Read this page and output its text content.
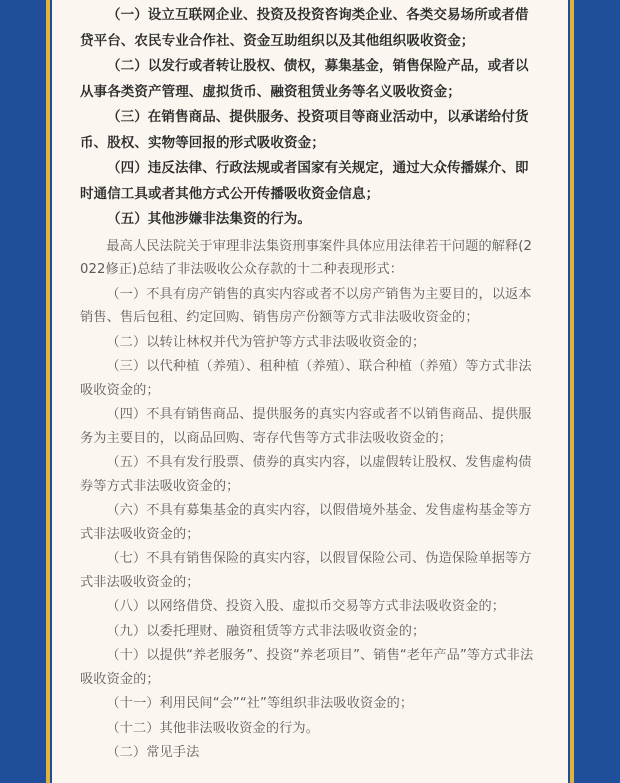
（一）设立互联网企业、投资及投资咨询类企业、各类交易场所或者借贷平台、农民专业合作社、资金互助组织以及其他组织吸收资金；

（二）以发行或者转让股权、债权，募集基金，销售保险产品，或者以从事各类资产管理、虚拟货币、融资租赁业务等名义吸收资金；

（三）在销售商品、提供服务、投资项目等商业活动中，以承诺给付货币、股权、实物等回报的形式吸收资金；

（四）违反法律、行政法规或者国家有关规定，通过大众传播媒介、即时通信工具或者其他方式公开传播吸收资金信息；

（五）其他涉嫌非法集资的行为。

最高人民法院关于审理非法集资刑事案件具体应用法律若干问题的解释(2022修正)总结了非法吸收公众存款的十二种表现形式：

（一）不具有房产销售的真实内容或者不以房产销售为主要目的，以返本销售、售后包租、约定回购、销售房产份额等方式非法吸收资金的；

（二）以转让林权并代为管护等方式非法吸收资金的；

（三）以代种植（养殖）、租种植（养殖）、联合种植（养殖）等方式非法吸收资金的；

（四）不具有销售商品、提供服务的真实内容或者不以销售商品、提供服务为主要目的，以商品回购、寄存代售等方式非法吸收资金的；

（五）不具有发行股票、债券的真实内容，以虚假转让股权、发售虚构债券等方式非法吸收资金的；

（六）不具有募集基金的真实内容，以假借境外基金、发售虚构基金等方式非法吸收资金的；

（七）不具有销售保险的真实内容，以假冒保险公司、伪造保险单据等方式非法吸收资金的；

（八）以网络借贷、投资入股、虚拟币交易等方式非法吸收资金的；

（九）以委托理财、融资租赁等方式非法吸收资金的；

（十）以提供“养老服务”、投资“养老项目”、销售“老年产品”等方式非法吸收资金的；

（十一）利用民间“会”“社”等组织非法吸收资金的；

（十二）其他非法吸收资金的行为。

（二）常见手法
